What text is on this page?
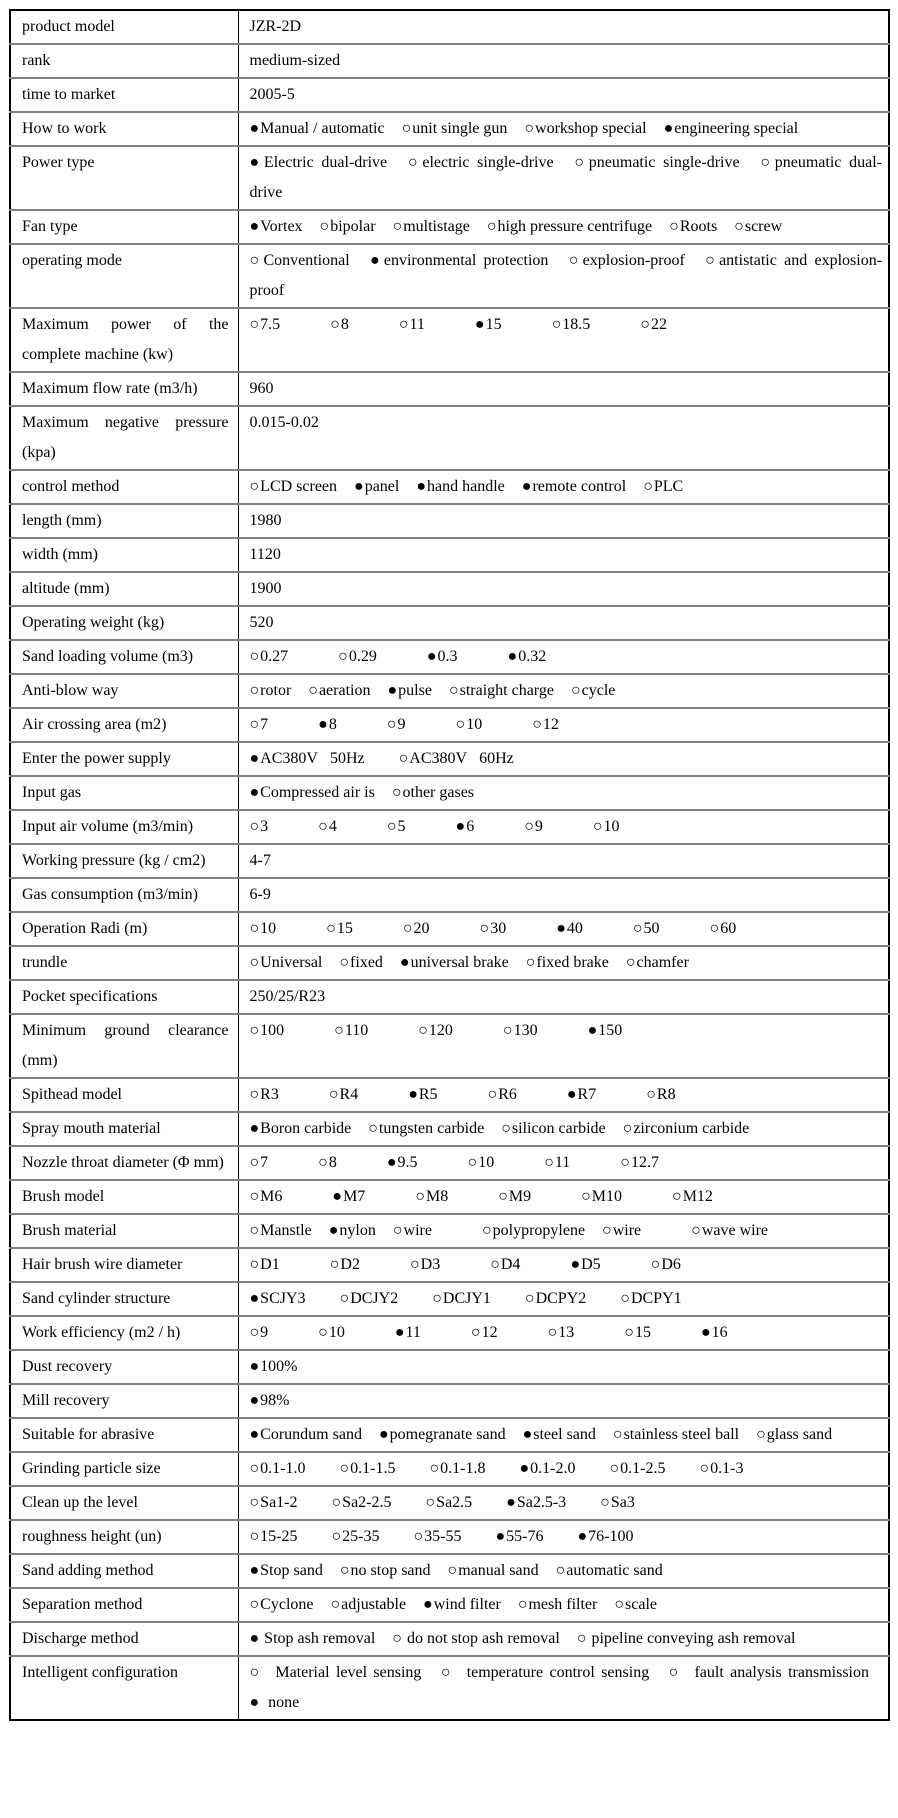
product model	JZR-2D
rank	medium-sized
time to market	2005-5
How to work	●Manual / automatic ○unit single gun ○workshop special ●engineering special
Power type	●Electric dual-drive ○electric single-drive ○pneumatic single-drive ○pneumatic dual-drive
Fan type	●Vortex ○bipolar ○multistage ○high pressure centrifuge ○Roots ○screw
operating mode	○Conventional ●environmental protection ○explosion-proof ○antistatic and explosion-proof
Maximum power of the complete machine (kw)	○7.5 ○8 ○11 ●15 ○18.5 ○22
Maximum flow rate (m3/h)	960
Maximum negative pressure (kpa)	0.015-0.02
control method	○LCD screen ●panel ●hand handle ●remote control ○PLC
length (mm)	1980
width (mm)	1120
altitude (mm)	1900
Operating weight (kg)	520
Sand loading volume (m3)	○0.27 ○0.29 ●0.3 ●0.32
Anti-blow way	○rotor ○aeration ●pulse ○straight charge ○cycle
Air crossing area (m2)	○7 ●8 ○9 ○10 ○12
Enter the power supply	●AC380V   50Hz ○AC380V   60Hz
Input gas	●Compressed air is ○other gases
Input air volume (m3/min)	○3 ○4 ○5 ●6 ○9 ○10
Working pressure (kg / cm2)	4-7
Gas consumption (m3/min)	6-9
Operation Radi (m)	○10 ○15 ○20 ○30 ●40 ○50 ○60
trundle	○Universal ○fixed ●universal brake ○fixed brake ○chamfer
Pocket specifications	250/25/R23
Minimum ground clearance (mm)	○100 ○110 ○120 ○130 ●150
Spithead model	○R3 ○R4 ●R5 ○R6 ●R7 ○R8
Spray mouth material	●Boron carbide ○tungsten carbide ○silicon carbide ○zirconium carbide
Nozzle throat diameter (Φ mm)	○7 ○8 ●9.5 ○10 ○11 ○12.7
Brush model	○M6 ●M7 ○M8 ○M9 ○M10 ○M12
Brush material	○Manstle ●nylon ○wire ○polypropylene ○wire ○wave wire
Hair brush wire diameter	○D1 ○D2 ○D3 ○D4 ●D5 ○D6
Sand cylinder structure	●SCJY3 ○DCJY2 ○DCJY1 ○DCPY2 ○DCPY1
Work efficiency (m2 / h)	○9 ○10 ●11 ○12 ○13 ○15 ●16
Dust recovery	●100%
Mill recovery	●98%
Suitable for abrasive	●Corundum sand ●pomegranate sand ●steel sand ○stainless steel ball ○glass sand
Grinding particle size	○0.1-1.0 ○0.1-1.5 ○0.1-1.8 ●0.1-2.0 ○0.1-2.5 ○0.1-3
Clean up the level	○Sa1-2 ○Sa2-2.5 ○Sa2.5 ●Sa2.5-3 ○Sa3
roughness height (un)	○15-25 ○25-35 ○35-55 ●55-76 ●76-100
Sand adding method	●Stop sand ○no stop sand ○manual sand ○automatic sand
Separation method	○Cyclone ○adjustable ●wind filter ○mesh filter ○scale
Discharge method	● Stop ash removal ○ do not stop ash removal ○ pipeline conveying ash removal
Intelligent configuration	○  Material level sensing ○  temperature control sensing ○  fault analysis transmission ●  none
